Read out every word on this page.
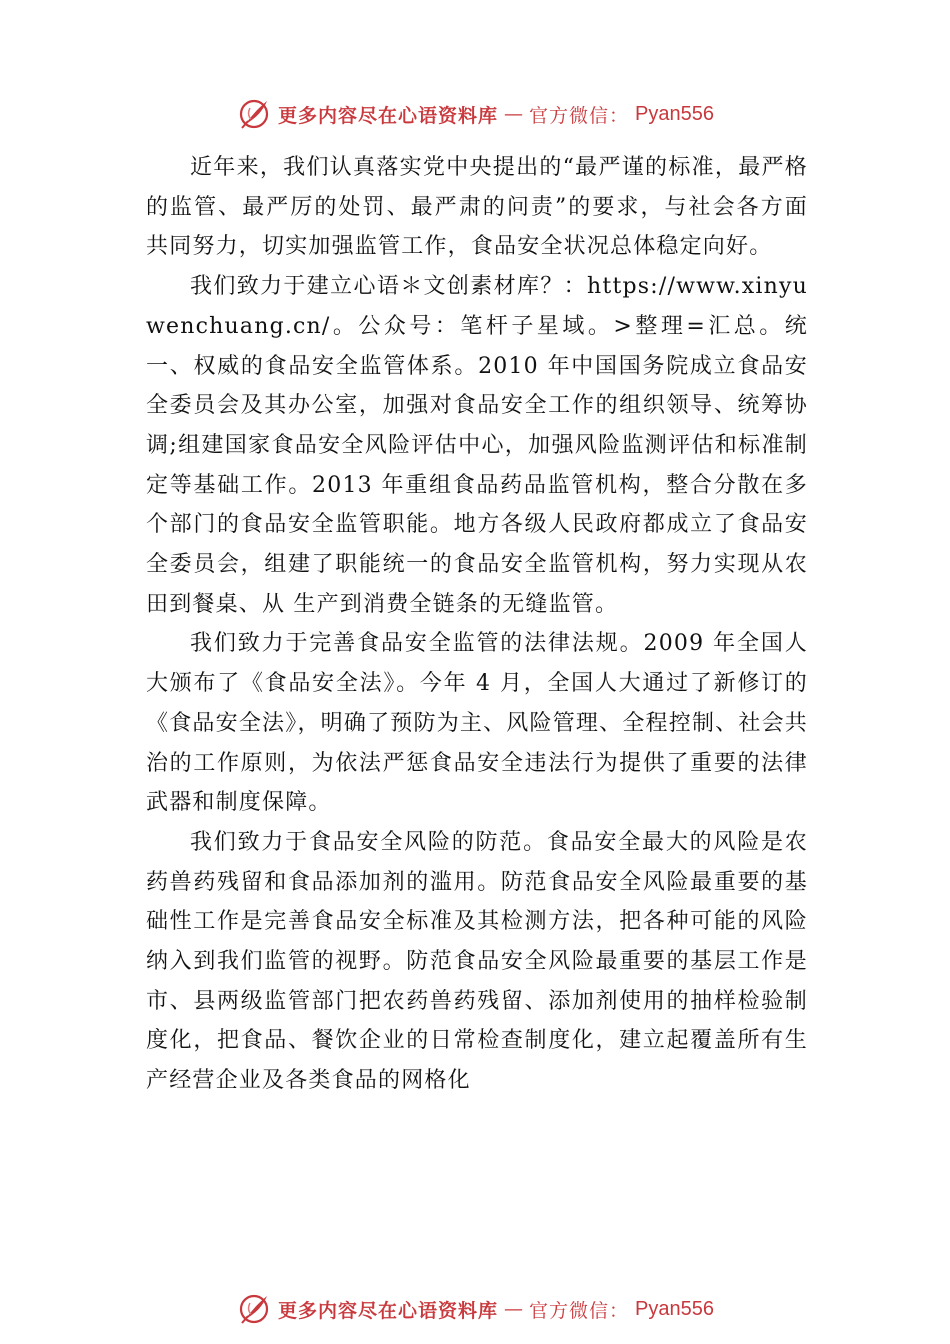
更多内容尽在心语资料库 — 官方微信： Pyan556

近年来，我们认真落实党中央提出的“最严谨的标准，最严格的监管、最严厉的处罚、最严肃的问责”的要求，与社会各方面共同努力，切实加强监管工作，食品安全状况总体稳定向好。

我们致力于建立心语＊文创素材库？：https://www.xinyuwenchuang.cn/。公众号：笔杆子星域。>整理=汇总。统一、权威的食品安全监管体系。2010 年中国国务院成立食品安全委员会及其办公室，加强对食品安全工作的组织领导、统筹协调;组建国家食品安全风险评估中心，加强风险监测评估和标准制定等基础工作。2013 年重组食品药品监管机构，整合分散在多个部门的食品安全监管职能。地方各级人民政府都成立了食品安全委员会，组建了职能统一的食品安全监管机构，努力实现从农田到餐桌、从 生产到消费全链条的无缝监管。

我们致力于完善食品安全监管的法律法规。2009 年全国人大颁布了《食品安全法》。今年 4 月，全国人大通过了新修订的《食品安全法》，明确了预防为主、风险管理、全程控制、社会共治的工作原则，为依法严惩食品安全违法行为提供了重要的法律武器和制度保障。

我们致力于食品安全风险的防范。食品安全最大的风险是农药兽药残留和食品添加剂的滥用。防范食品安全风险最重要的基础性工作是完善食品安全标准及其检测方法，把各种可能的风险纳入到我们监管的视野。防范食品安全风险最重要的基层工作是市、县两级监管部门把农药兽药残留、添加剂使用的抽样检验制度化，把食品、餐饮企业的日常检查制度化，建立起覆盖所有生产经营企业及各类食品的网格化

更多内容尽在心语资料库 — 官方微信： Pyan556
